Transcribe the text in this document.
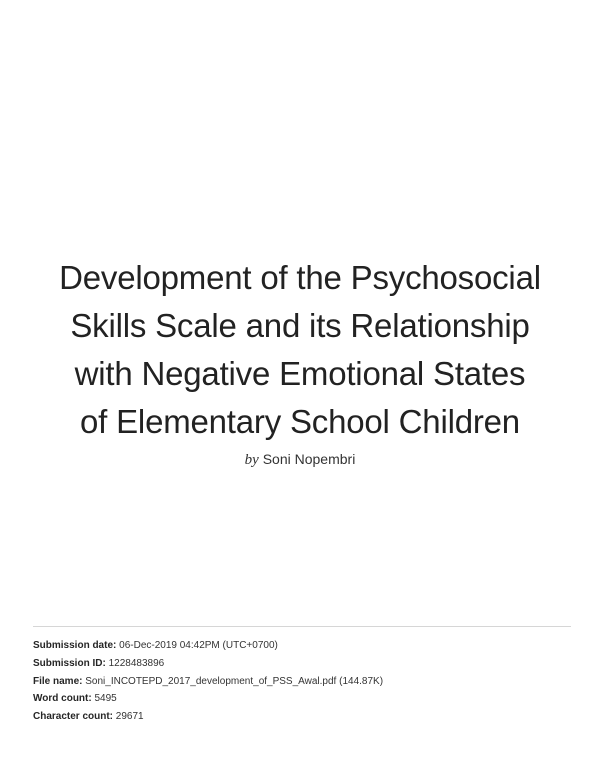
Development of the Psychosocial
Skills Scale and its Relationship
with Negative Emotional States
of Elementary School Children
by Soni Nopembri
Submission date: 06-Dec-2019 04:42PM (UTC+0700)
Submission ID: 1228483896
File name: Soni_INCOTEPD_2017_development_of_PSS_Awal.pdf (144.87K)
Word count: 5495
Character count: 29671
